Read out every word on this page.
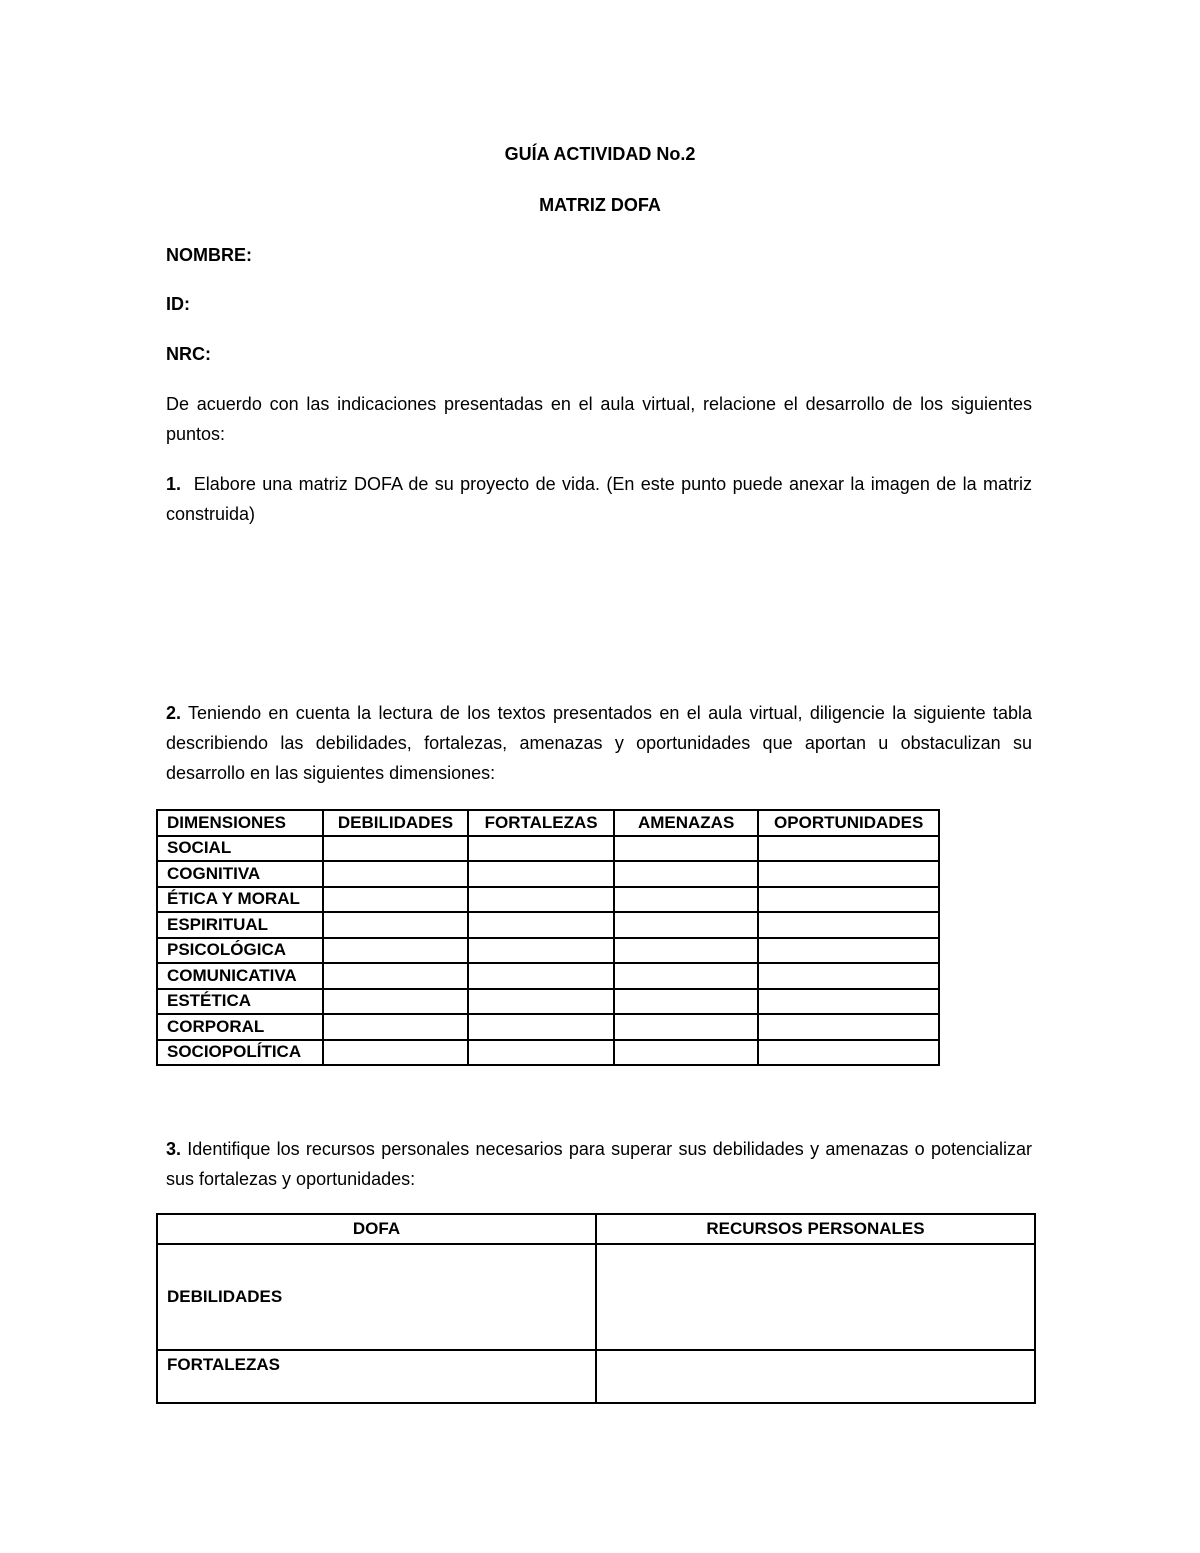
GUÍA ACTIVIDAD No.2
MATRIZ DOFA
NOMBRE:
ID:
NRC:

De acuerdo con las indicaciones presentadas en el aula virtual, relacione el desarrollo de los siguientes puntos:

1. Elabore una matriz DOFA de su proyecto de vida. (En este punto puede anexar la imagen de la matriz construida)

2. Teniendo en cuenta la lectura de los textos presentados en el aula virtual, diligencie la siguiente tabla describiendo las debilidades, fortalezas, amenazas y oportunidades que aportan u obstaculizan su desarrollo en las siguientes dimensiones:

DIMENSIONES	DEBILIDADES	FORTALEZAS	AMENAZAS	OPORTUNIDADES
SOCIAL				
COGNITIVA				
ÉTICA Y MORAL				
ESPIRITUAL				
PSICOLÓGICA				
COMUNICATIVA				
ESTÉTICA				
CORPORAL				
SOCIOPOLÍTICA				

3. Identifique los recursos personales necesarios para superar sus debilidades y amenazas o potencializar sus fortalezas y oportunidades:

DOFA	RECURSOS PERSONALES
DEBILIDADES	
FORTALEZAS	
